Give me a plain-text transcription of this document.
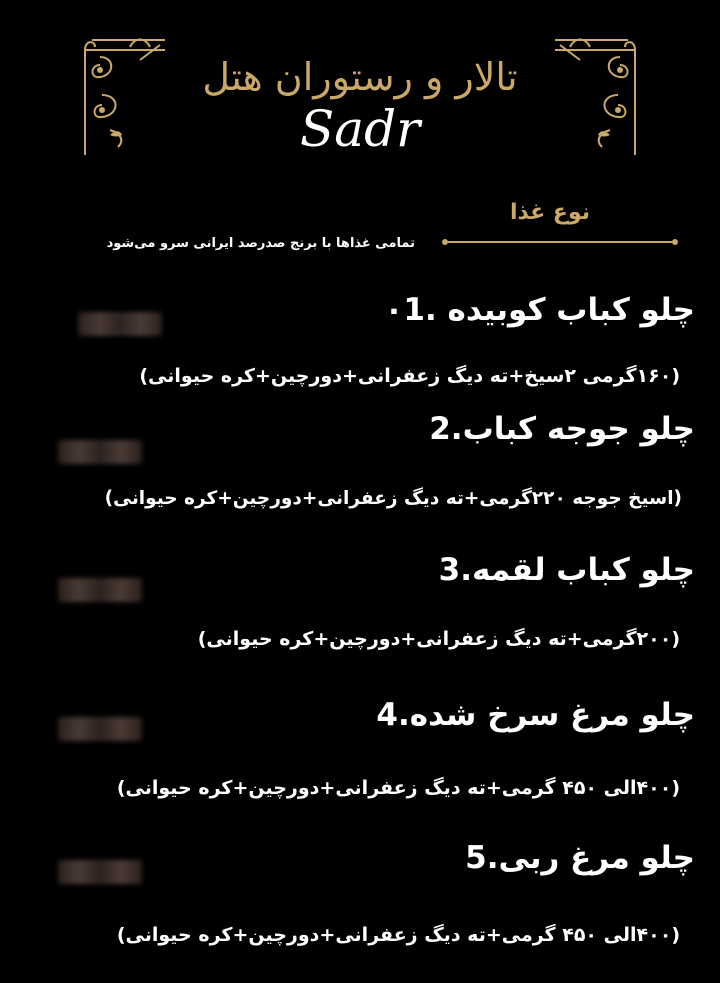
تالار و رستوران هتل
Sadr
نوع غذا
تمامی غذاها با برنج صدرصد ایرانی سرو می‌شود
۰1. چلو کباب کوبیده
(۱۶۰گرمی ۲سیخ+ته دیگ زعفرانی+دورچین+کره حیوانی)
2.چلو جوجه کباب
(اسیخ جوجه ۲۲۰گرمی+ته دیگ زعفرانی+دورچین+کره حیوانی)
3.چلو کباب لقمه
(۲۰۰گرمی+ته دیگ زعفرانی+دورچین+کره حیوانی)
4.چلو مرغ سرخ شده
(۴۰۰الی ۴۵۰ گرمی+ته دیگ زعفرانی+دورچین+کره حیوانی)
5.چلو مرغ ربی
(۴۰۰الی ۴۵۰ گرمی+ته دیگ زعفرانی+دورچین+کره حیوانی)
